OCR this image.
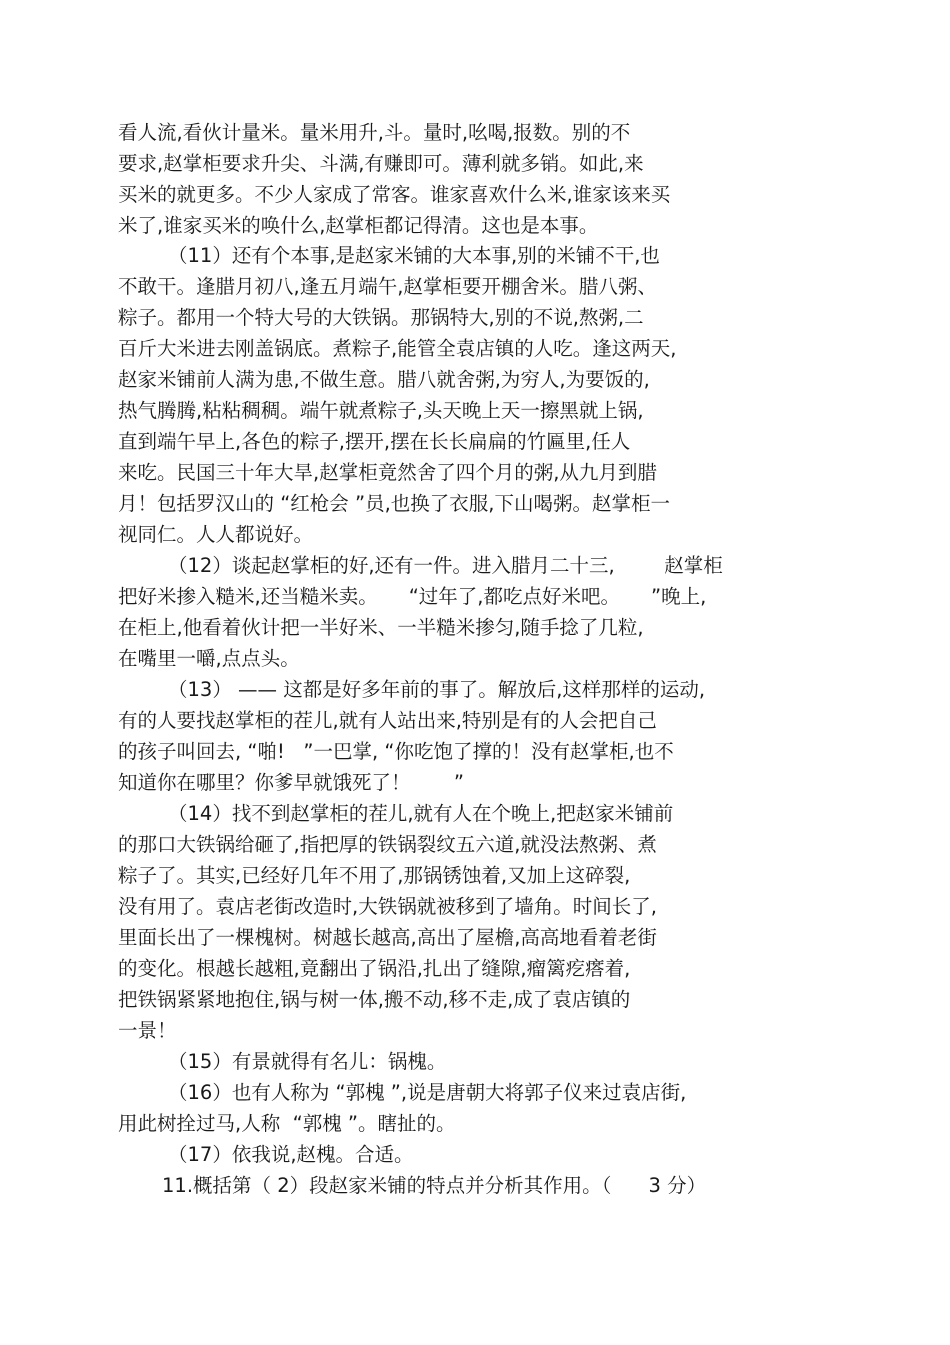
看人流,看伙计量米。量米用升,斗。量时,吆喝,报数。别的不
要求,赵掌柜要求升尖、斗满,有赚即可。薄利就多销。如此,来
买米的就更多。不少人家成了常客。谁家喜欢什么米,谁家该来买
米了,谁家买米的唤什么,赵掌柜都记得清。这也是本事。
（11）还有个本事,是赵家米铺的大本事,别的米铺不干,也
不敢干。逢腊月初八,逢五月端午,赵掌柜要开棚舍米。腊八粥、
粽子。都用一个特大号的大铁锅。那锅特大,别的不说,熬粥,二
百斤大米进去刚盖锅底。煮粽子,能管全袁店镇的人吃。逢这两天,
赵家米铺前人满为患,不做生意。腊八就舍粥,为穷人,为要饭的,
热气腾腾,粘粘稠稠。端午就煮粽子,头天晚上天一擦黑就上锅,
直到端午早上,各色的粽子,摆开,摆在长长扁扁的竹匾里,任人
来吃。民国三十年大旱,赵掌柜竟然舍了四个月的粥,从九月到腊
月！包括罗汉山的 “红枪会 ”员,也换了衣服,下山喝粥。赵掌柜一
视同仁。人人都说好。
（12）谈起赵掌柜的好,还有一件。进入腊月二十三,        赵掌柜
把好米掺入糙米,还当糙米卖。     “过年了,都吃点好米吧。     ”晚上,
在柜上,他看着伙计把一半好米、一半糙米掺匀,随手捻了几粒,
在嘴里一嚼,点点头。
（13） —— 这都是好多年前的事了。解放后,这样那样的运动,
有的人要找赵掌柜的茬儿,就有人站出来,特别是有的人会把自己
的孩子叫回去, “啪!   ”一巴掌, “你吃饱了撑的！没有赵掌柜,也不
知道你在哪里？你爹早就饿死了！       ”
（14）找不到赵掌柜的茬儿,就有人在个晚上,把赵家米铺前
的那口大铁锅给砸了,指把厚的铁锅裂纹五六道,就没法熬粥、煮
粽子了。其实,已经好几年不用了,那锅锈蚀着,又加上这碎裂,
没有用了。袁店老街改造时,大铁锅就被移到了墙角。时间长了,
里面长出了一棵槐树。树越长越高,高出了屋檐,高高地看着老街
的变化。根越长越粗,竟翻出了锅沿,扎出了缝隙,瘤篱疙瘩着,
把铁锅紧紧地抱住,锅与树一体,搬不动,移不走,成了袁店镇的
一景！
（15）有景就得有名儿：锅槐。
（16）也有人称为 “郭槐 ”,说是唐朝大将郭子仪来过袁店街,
用此树拴过马,人称  “郭槐 ”。瞎扯的。
（17）依我说,赵槐。合适。
11.概括第（ 2）段赵家米铺的特点并分析其作用。（      3 分）
